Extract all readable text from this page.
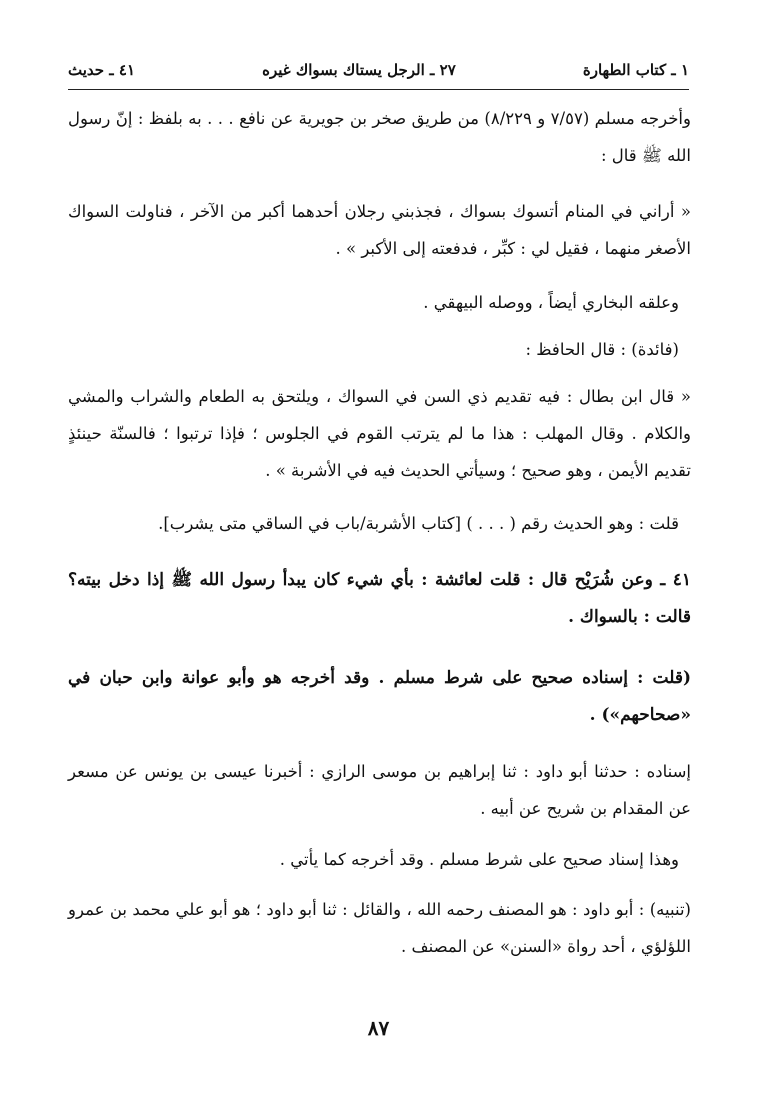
١ ـ كتاب الطهارة
٢٧ ـ الرجل يستاك بسواك غيره
٤١ ـ حديث

وأخرجه مسلم (٧/٥٧ و ٨/٢٢٩) من طريق صخر بن جويرية عن نافع . . . به بلفظ : إنّ رسول الله ﷺ قال :

« أراني في المنام أتسوك بسواك ، فجذبني رجلان أحدهما أكبر من الآخر ، فناولت السواك الأصغر منهما ، فقيل لي : كبِّر ، فدفعته إلى الأكبر » .

وعلقه البخاري أيضاً ، ووصله البيهقي .

(فائدة) : قال الحافظ :

« قال ابن بطال : فيه تقديم ذي السن في السواك ، ويلتحق به الطعام والشراب والمشي والكلام . وقال المهلب : هذا ما لم يترتب القوم في الجلوس ؛ فإذا ترتبوا ؛ فالسنّة حينئذٍ تقديم الأيمن ، وهو صحيح ؛ وسيأتي الحديث فيه في الأشربة » .

قلت : وهو الحديث رقم ( . . . ) [كتاب الأشربة/باب في الساقي متى يشرب].

٤١ ـ وعن شُرَيْح قال : قلت لعائشة : بأي شيء كان يبدأ رسول الله ﷺ إذا دخل بيته؟ قالت : بالسواك .

(قلت : إسناده صحيح على شرط مسلم . وقد أخرجه هو وأبو عوانة وابن حبان في «صحاحهم») .

إسناده : حدثنا أبو داود : ثنا إبراهيم بن موسى الرازي : أخبرنا عيسى بن يونس عن مسعر عن المقدام بن شريح عن أبيه .

وهذا إسناد صحيح على شرط مسلم . وقد أخرجه كما يأتي .

(تنبيه) : أبو داود : هو المصنف رحمه الله ، والقائل : ثنا أبو داود ؛ هو أبو علي محمد بن عمرو اللؤلؤي ، أحد رواة «السنن» عن المصنف .

٨٧
